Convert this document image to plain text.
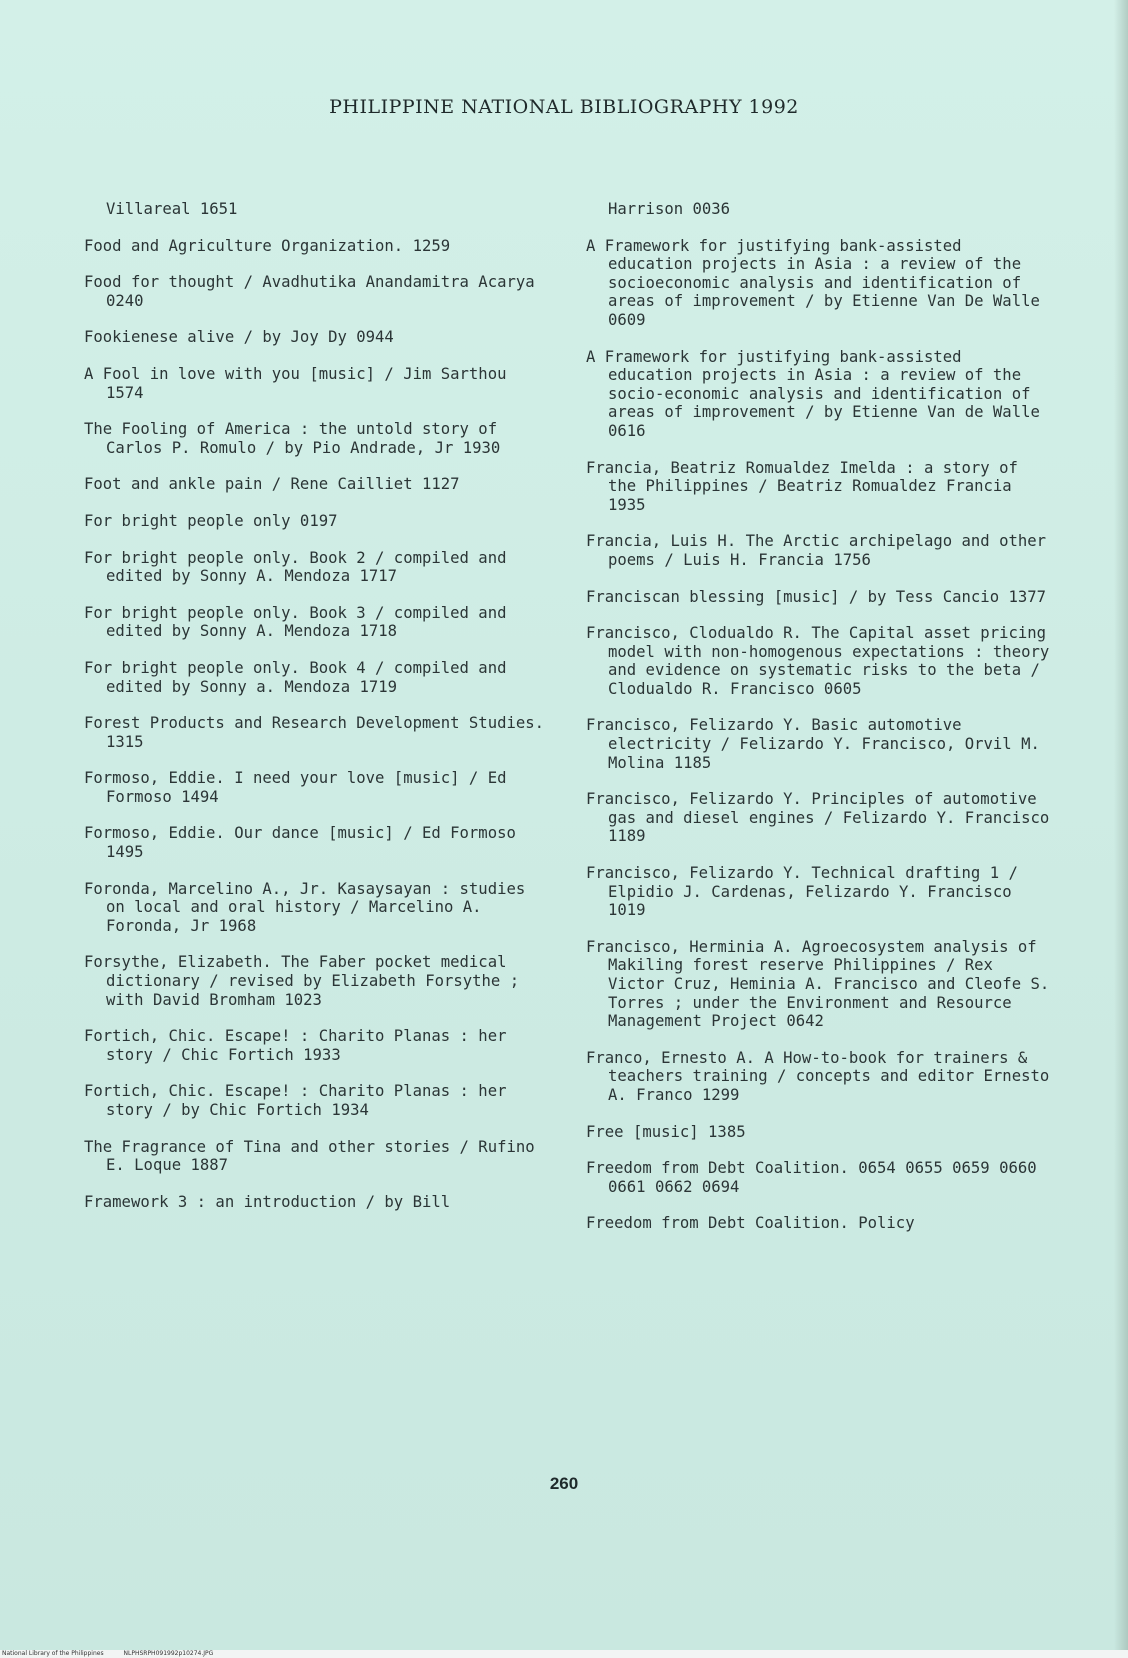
PHILIPPINE NATIONAL BIBLIOGRAPHY 1992

Villareal 1651

Food and Agriculture Organization. 1259

Food for thought / Avadhutika Anandamitra Acarya 0240

Fookienese alive / by Joy Dy 0944

A Fool in love with you [music] / Jim Sarthou 1574

The Fooling of America : the untold story of Carlos P. Romulo / by Pio Andrade, Jr 1930

Foot and ankle pain / Rene Cailliet 1127

For bright people only 0197

For bright people only. Book 2 / compiled and edited by Sonny A. Mendoza 1717

For bright people only. Book 3 / compiled and edited by Sonny A. Mendoza 1718

For bright people only. Book 4 / compiled and edited by Sonny a. Mendoza 1719

Forest Products and Research Development Studies. 1315

Formoso, Eddie. I need your love [music] / Ed Formoso 1494

Formoso, Eddie. Our dance [music] / Ed Formoso 1495

Foronda, Marcelino A., Jr. Kasaysayan : studies on local and oral history / Marcelino A. Foronda, Jr 1968

Forsythe, Elizabeth. The Faber pocket medical dictionary / revised by Elizabeth Forsythe ; with David Bromham 1023

Fortich, Chic. Escape! : Charito Planas : her story / Chic Fortich 1933

Fortich, Chic. Escape! : Charito Planas : her story / by Chic Fortich 1934

The Fragrance of Tina and other stories / Rufino E. Loque 1887

Framework 3 : an introduction / by Bill

Harrison 0036

A Framework for justifying bank-assisted education projects in Asia : a review of the socioeconomic analysis and identification of areas of improvement / by Etienne Van De Walle 0609

A Framework for justifying bank-assisted education projects in Asia : a review of the socio-economic analysis and identification of areas of improvement / by Etienne Van de Walle 0616

Francia, Beatriz Romualdez Imelda : a story of the Philippines / Beatriz Romualdez Francia 1935

Francia, Luis H. The Arctic archipelago and other poems / Luis H. Francia 1756

Franciscan blessing [music] / by Tess Cancio 1377

Francisco, Clodualdo R. The Capital asset pricing model with non-homogenous expectations : theory and evidence on systematic risks to the beta / Clodualdo R. Francisco 0605

Francisco, Felizardo Y. Basic automotive electricity / Felizardo Y. Francisco, Orvil M. Molina 1185

Francisco, Felizardo Y. Principles of automotive gas and diesel engines / Felizardo Y. Francisco 1189

Francisco, Felizardo Y. Technical drafting 1 / Elpidio J. Cardenas, Felizardo Y. Francisco 1019

Francisco, Herminia A. Agroecosystem analysis of Makiling forest reserve Philippines / Rex Victor Cruz, Heminia A. Francisco and Cleofe S. Torres ; under the Environment and Resource Management Project 0642

Franco, Ernesto A. A How-to-book for trainers & teachers training / concepts and editor Ernesto A. Franco 1299

Free [music] 1385

Freedom from Debt Coalition. 0654 0655 0659 0660 0661 0662 0694

Freedom from Debt Coalition. Policy

260
National Library of the Philippines	NLPHSRPH091992p10274.JPG
